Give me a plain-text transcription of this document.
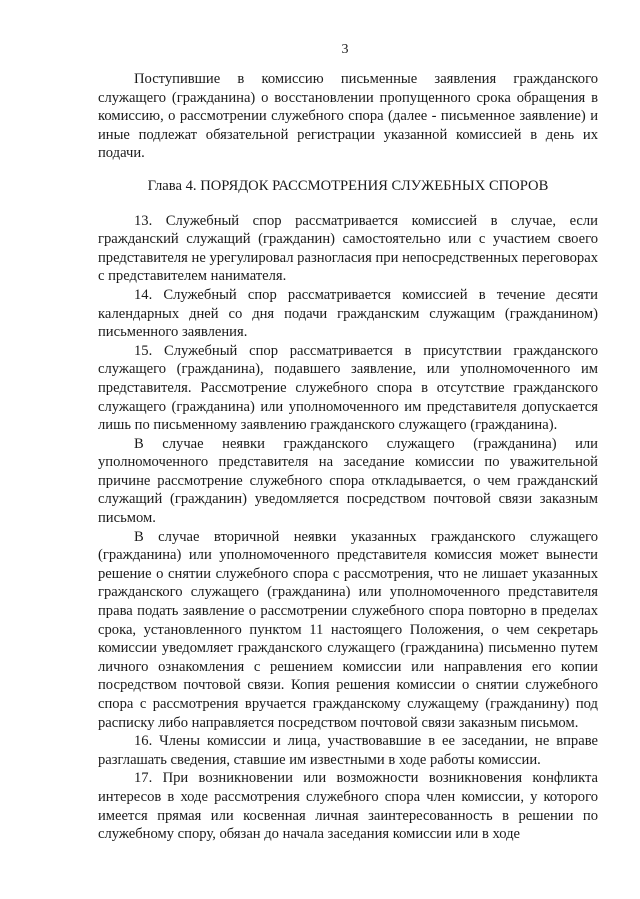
3

Поступившие в комиссию письменные заявления гражданского служащего (гражданина) о восстановлении пропущенного срока обращения в комиссию, о рассмотрении служебного спора (далее - письменное заявление) и иные подлежат обязательной регистрации указанной комиссией в день их подачи.

Глава 4. ПОРЯДОК РАССМОТРЕНИЯ СЛУЖЕБНЫХ СПОРОВ

13. Служебный спор рассматривается комиссией в случае, если гражданский служащий (гражданин) самостоятельно или с участием своего представителя не урегулировал разногласия при непосредственных переговорах с представителем нанимателя.

14. Служебный спор рассматривается комиссией в течение десяти календарных дней со дня подачи гражданским служащим (гражданином) письменного заявления.

15. Служебный спор рассматривается в присутствии гражданского служащего (гражданина), подавшего заявление, или уполномоченного им представителя. Рассмотрение служебного спора в отсутствие гражданского служащего (гражданина) или уполномоченного им представителя допускается лишь по письменному заявлению гражданского служащего (гражданина).

В случае неявки гражданского служащего (гражданина) или уполномоченного представителя на заседание комиссии по уважительной причине рассмотрение служебного спора откладывается, о чем гражданский служащий (гражданин) уведомляется посредством почтовой связи заказным письмом.

В случае вторичной неявки указанных гражданского служащего (гражданина) или уполномоченного представителя комиссия может вынести решение о снятии служебного спора с рассмотрения, что не лишает указанных гражданского служащего (гражданина) или уполномоченного представителя права подать заявление о рассмотрении служебного спора повторно в пределах срока, установленного пунктом 11 настоящего Положения, о чем секретарь комиссии уведомляет гражданского служащего (гражданина) письменно путем личного ознакомления с решением комиссии или направления его копии посредством почтовой связи. Копия решения комиссии о снятии служебного спора с рассмотрения вручается гражданскому служащему (гражданину) под расписку либо направляется посредством почтовой связи заказным письмом.

16. Члены комиссии и лица, участвовавшие в ее заседании, не вправе разглашать сведения, ставшие им известными в ходе работы комиссии.

17. При возникновении или возможности возникновения конфликта интересов в ходе рассмотрения служебного спора член комиссии, у которого имеется прямая или косвенная личная заинтересованность в решении по служебному спору, обязан до начала заседания комиссии или в ходе
